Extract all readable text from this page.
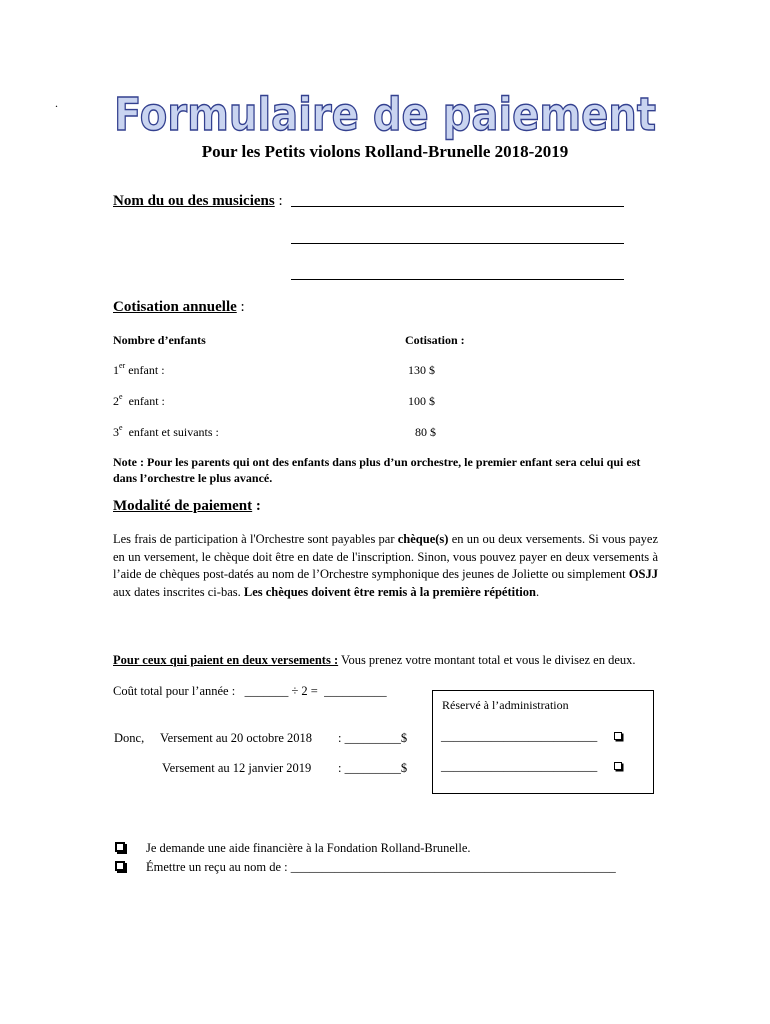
. Formulaire de paiement
Pour les Petits violons Rolland-Brunelle 2018-2019
Nom du ou des musiciens :
Cotisation annuelle :
Nombre d’enfants	Cotisation :
1er enfant :	130 $
2e  enfant :	100 $
3e  enfant et suivants :	80 $
Note : Pour les parents qui ont des enfants dans plus d’un orchestre, le premier enfant sera celui qui est dans l’orchestre le plus avancé.
Modalité de paiement :
Les frais de participation à l'Orchestre sont payables par chèque(s) en un ou deux versements. Si vous payez en un versement, le chèque doit être en date de l'inscription. Sinon, vous pouvez payer en deux versements à l’aide de chèques post-datés au nom de l’Orchestre symphonique des jeunes de Joliette ou simplement OSJJ aux dates inscrites ci-bas. Les chèques doivent être remis à la première répétition.
Pour ceux qui paient en deux versements : Vous prenez votre montant total et vous le divisez en deux.
Coût total pour l’année :   _______ ÷ 2 =  __________
Donc, Versement au 20 octobre 2018 : _________$
Versement au 12 janvier 2019 : _________$
Réservé à l’administration
_________________________
_________________________
Je demande une aide financière à la Fondation Rolland-Brunelle.
Émettre un reçu au nom de : ____________________________________________________
